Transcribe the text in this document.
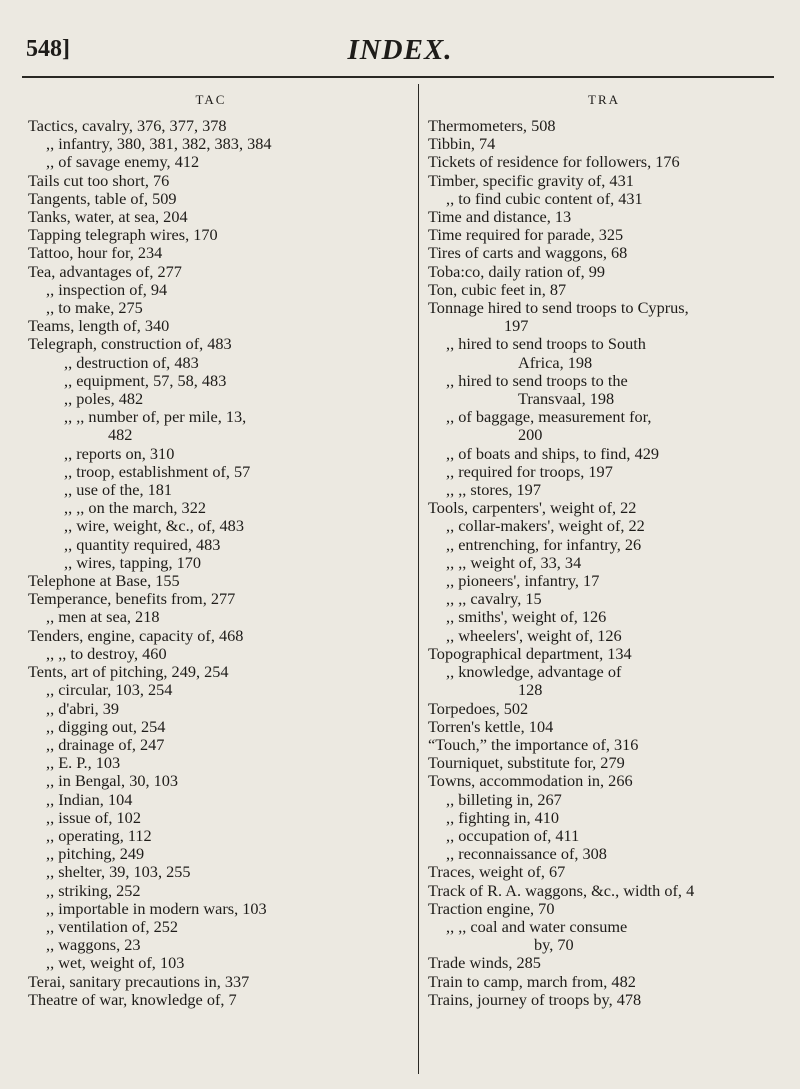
548]	INDEX.
TAC
Tactics, cavalry, 376, 377, 378
,, infantry, 380, 381, 382, 383, 384
,, of savage enemy, 412
Tails cut too short, 76
Tangents, table of, 509
Tanks, water, at sea, 204
Tapping telegraph wires, 170
Tattoo, hour for, 234
Tea, advantages of, 277
,, inspection of, 94
,, to make, 275
Teams, length of, 340
Telegraph, construction of, 483
,, destruction of, 483
,, equipment, 57, 58, 483
,, poles, 482
,, ,, number of, per mile, 13,
482
,, reports on, 310
,, troop, establishment of, 57
,, use of the, 181
,, ,, on the march, 322
,, wire, weight, &c., of, 483
,, quantity required, 483
,, wires, tapping, 170
Telephone at Base, 155
Temperance, benefits from, 277
,, men at sea, 218
Tenders, engine, capacity of, 468
,, ,, to destroy, 460
Tents, art of pitching, 249, 254
,, circular, 103, 254
,, d'abri, 39
,, digging out, 254
,, drainage of, 247
,, E. P., 103
,, in Bengal, 30, 103
,, Indian, 104
,, issue of, 102
,, operating, 112
,, pitching, 249
,, shelter, 39, 103, 255
,, striking, 252
,, importable in modern wars, 103
,, ventilation of, 252
,, waggons, 23
,, wet, weight of, 103
Terai, sanitary precautions in, 337
Theatre of war, knowledge of, 7
TRA
Thermometers, 508
Tibbin, 74
Tickets of residence for followers, 176
Timber, specific gravity of, 431
,, to find cubic content of, 431
Time and distance, 13
Time required for parade, 325
Tires of carts and waggons, 68
Toba:co, daily ration of, 99
Ton, cubic feet in, 87
Tonnage hired to send troops to Cyprus,
197
,, hired to send troops to South
Africa, 198
,, hired to send troops to the
Transvaal, 198
,, of baggage, measurement for,
200
,, of boats and ships, to find, 429
,, required for troops, 197
,, ,, stores, 197
Tools, carpenters', weight of, 22
,, collar-makers', weight of, 22
,, entrenching, for infantry, 26
,, ,, weight of, 33, 34
,, pioneers', infantry, 17
,, ,, cavalry, 15
,, smiths', weight of, 126
,, wheelers', weight of, 126
Topographical department, 134
,, knowledge, advantage of
128
Torpedoes, 502
Torren's kettle, 104
“Touch,” the importance of, 316
Tourniquet, substitute for, 279
Towns, accommodation in, 266
,, billeting in, 267
,, fighting in, 410
,, occupation of, 411
,, reconnaissance of, 308
Traces, weight of, 67
Track of R. A. waggons, &c., width of, 4
Traction engine, 70
,, ,, coal and water consume
by, 70
Trade winds, 285
Train to camp, march from, 482
Trains, journey of troops by, 478
